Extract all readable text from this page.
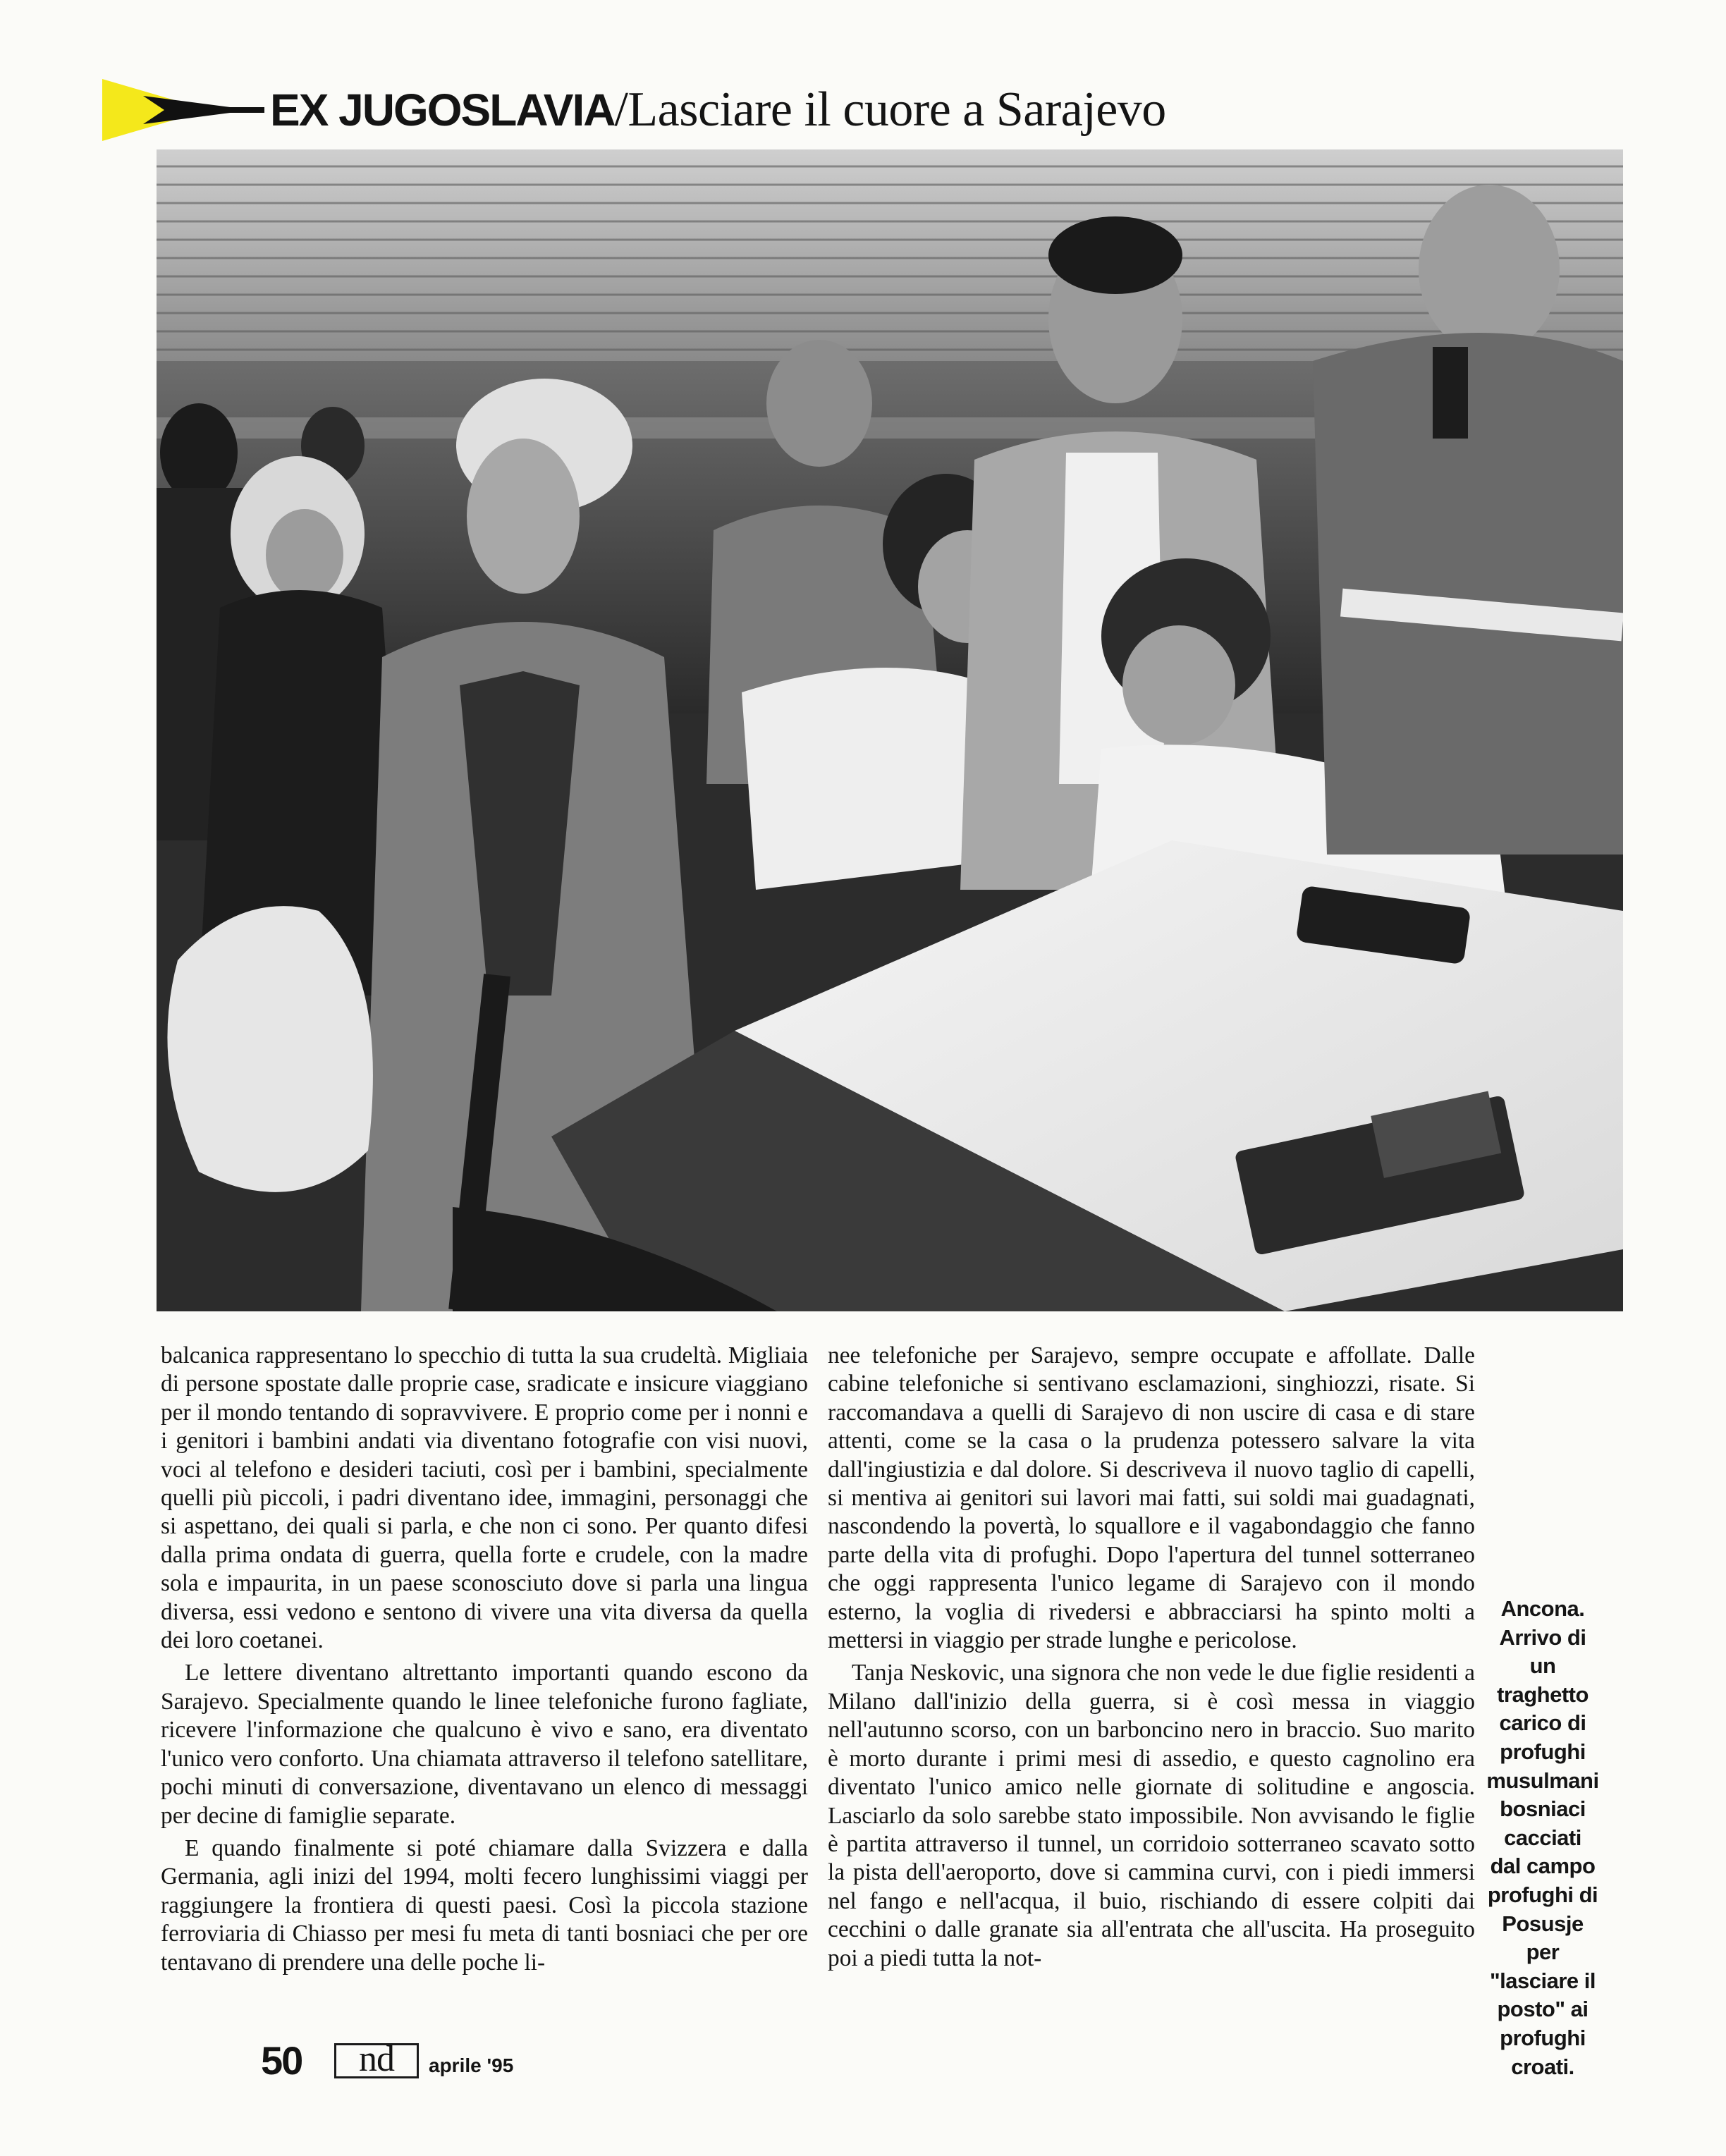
EX JUGOSLAVIA/Lasciare il cuore a Sarajevo

balcanica rappresentano lo specchio di tutta la sua crudeltà. Migliaia di persone spostate dalle proprie case, sradicate e insicure viaggiano per il mondo tentando di sopravvivere. E proprio come per i nonni e i genitori i bambini andati via diventano fotografie con visi nuovi, voci al telefono e desideri taciuti, così per i bambini, specialmente quelli più piccoli, i padri diventano idee, immagini, personaggi che si aspettano, dei quali si parla, e che non ci sono. Per quanto difesi dalla prima ondata di guerra, quella forte e crudele, con la madre sola e impaurita, in un paese sconosciuto dove si parla una lingua diversa, essi vedono e sentono di vivere una vita diversa da quella dei loro coetanei.

Le lettere diventano altrettanto importanti quando escono da Sarajevo. Specialmente quando le linee telefoniche furono fagliate, ricevere l'informazione che qualcuno è vivo e sano, era diventato l'unico vero conforto. Una chiamata attraverso il telefono satellitare, pochi minuti di conversazione, diventavano un elenco di messaggi per decine di famiglie separate.

E quando finalmente si poté chiamare dalla Svizzera e dalla Germania, agli inizi del 1994, molti fecero lunghissimi viaggi per raggiungere la frontiera di questi paesi. Così la piccola stazione ferroviaria di Chiasso per mesi fu meta di tanti bosniaci che per ore tentavano di prendere una delle poche li-

nee telefoniche per Sarajevo, sempre occupate e affollate. Dalle cabine telefoniche si sentivano esclamazioni, singhiozzi, risate. Si raccomandava a quelli di Sarajevo di non uscire di casa e di stare attenti, come se la casa o la prudenza potessero salvare la vita dall'ingiustizia e dal dolore. Si descriveva il nuovo taglio di capelli, si mentiva ai genitori sui lavori mai fatti, sui soldi mai guadagnati, nascondendo la povertà, lo squallore e il vagabondaggio che fanno parte della vita di profughi. Dopo l'apertura del tunnel sotterraneo che oggi rappresenta l'unico legame di Sarajevo con il mondo esterno, la voglia di rivedersi e abbracciarsi ha spinto molti a mettersi in viaggio per strade lunghe e pericolose.

Tanja Neskovic, una signora che non vede le due figlie residenti a Milano dall'inizio della guerra, si è così messa in viaggio nell'autunno scorso, con un barboncino nero in braccio. Suo marito è morto durante i primi mesi di assedio, e questo cagnolino era diventato l'unico amico nelle giornate di solitudine e angoscia. Lasciarlo da solo sarebbe stato impossibile. Non avvisando le figlie è partita attraverso il tunnel, un corridoio sotterraneo scavato sotto la pista dell'aeroporto, dove si cammina curvi, con i piedi immersi nel fango e nell'acqua, il buio, rischiando di essere colpiti dai cecchini o dalle granate sia all'entrata che all'uscita. Ha proseguito poi a piedi tutta la not-

Ancona. Arrivo di un traghetto carico di profughi musulmani bosniaci cacciati dal campo profughi di Posusje per "lasciare il posto" ai profughi croati.
50	nd	aprile '95
